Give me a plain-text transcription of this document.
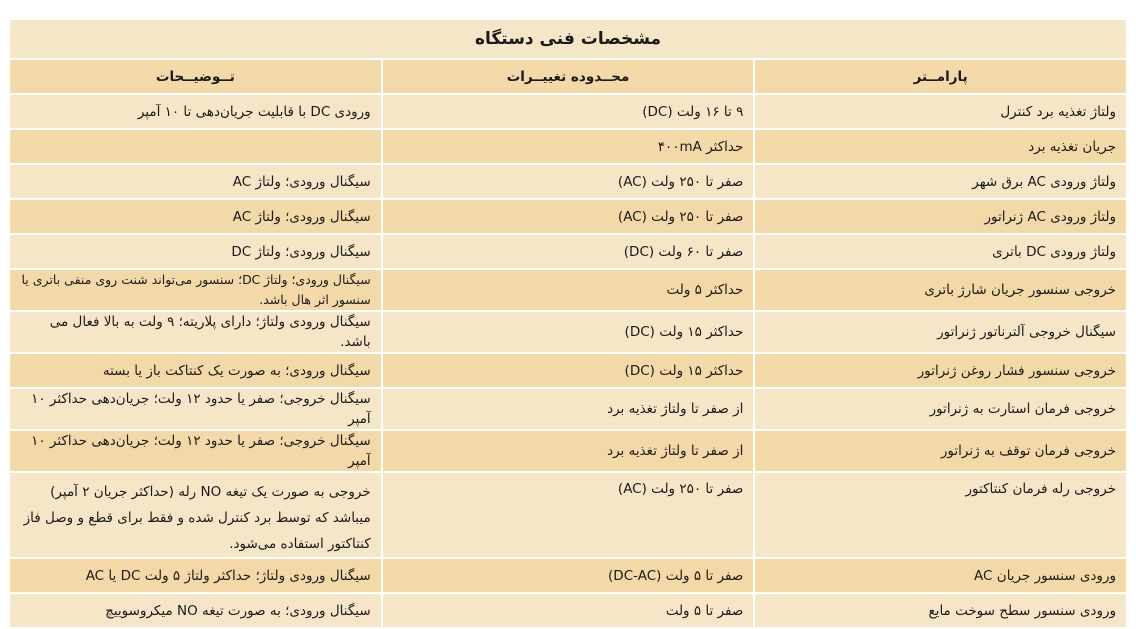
مشخصات فنی دستگاه		
پارامــتر	محــدوده تغییــرات	تــوضیــحات
ولتاژ تغذیه برد کنترل	۹ تا ۱۶ ولت (DC)	ورودی DC با قابلیت جریان‌دهی تا ۱۰ آمپر
جریان تغذیه برد	حداکثر ۴۰۰mA	
ولتاژ ورودی AC برق شهر	صفر تا ۲۵۰ ولت (AC)	سیگنال ورودی؛ ولتاژ AC
ولتاژ ورودی AC ژنراتور	صفر تا ۲۵۰ ولت (AC)	سیگنال ورودی؛ ولتاژ AC
ولتاژ ورودی DC باتری	صفر تا ۶۰ ولت (DC)	سیگنال ورودی؛ ولتاژ DC
خروجی سنسور جریان شارژ باتری	حداکثر ۵ ولت	سیگنال ورودی؛ ولتاژ DC؛ سنسور می‌تواند شنت روی منفی باتری یا سنسور اثر هال باشد.
سیگنال خروجی آلترناتور ژنراتور	حداکثر ۱۵ ولت (DC)	سیگنال ورودی ولتاژ؛ دارای پلاریته؛ ۹ ولت به بالا فعال می باشد.
خروجی سنسور فشار روغن ژنراتور	حداکثر ۱۵ ولت (DC)	سیگنال ورودی؛ به صورت یک کنتاکت باز یا بسته
خروجی فرمان استارت به ژنراتور	از صفر تا ولتاژ تغذیه برد	سیگنال خروجی؛ صفر یا حدود ۱۲ ولت؛ جریان‌دهی حداکثر ۱۰ آمپر
خروجی فرمان توقف به ژنراتور	از صفر تا ولتاژ تغذیه برد	سیگنال خروجی؛ صفر یا حدود ۱۲ ولت؛ جریان‌دهی حداکثر ۱۰ آمپر
خروجی رله فرمان کنتاکتور	صفر تا ۲۵۰ ولت (AC)	خروجی به صورت یک تیغه NO رله (حداکثر جریان ۲ آمپر) میباشد که توسط برد کنترل شده و فقط برای قطع و وصل فاز کنتاکتور استفاده می‌شود.
ورودی سنسور جریان AC	صفر تا ۵ ولت (DC-AC)	سیگنال ورودی ولتاژ؛ حداکثر ولتاژ ۵ ولت DC یا AC
ورودی سنسور سطح سوخت مایع	صفر تا ۵ ولت	سیگنال ورودی؛ به صورت تیغه NO میکروسوییچ
